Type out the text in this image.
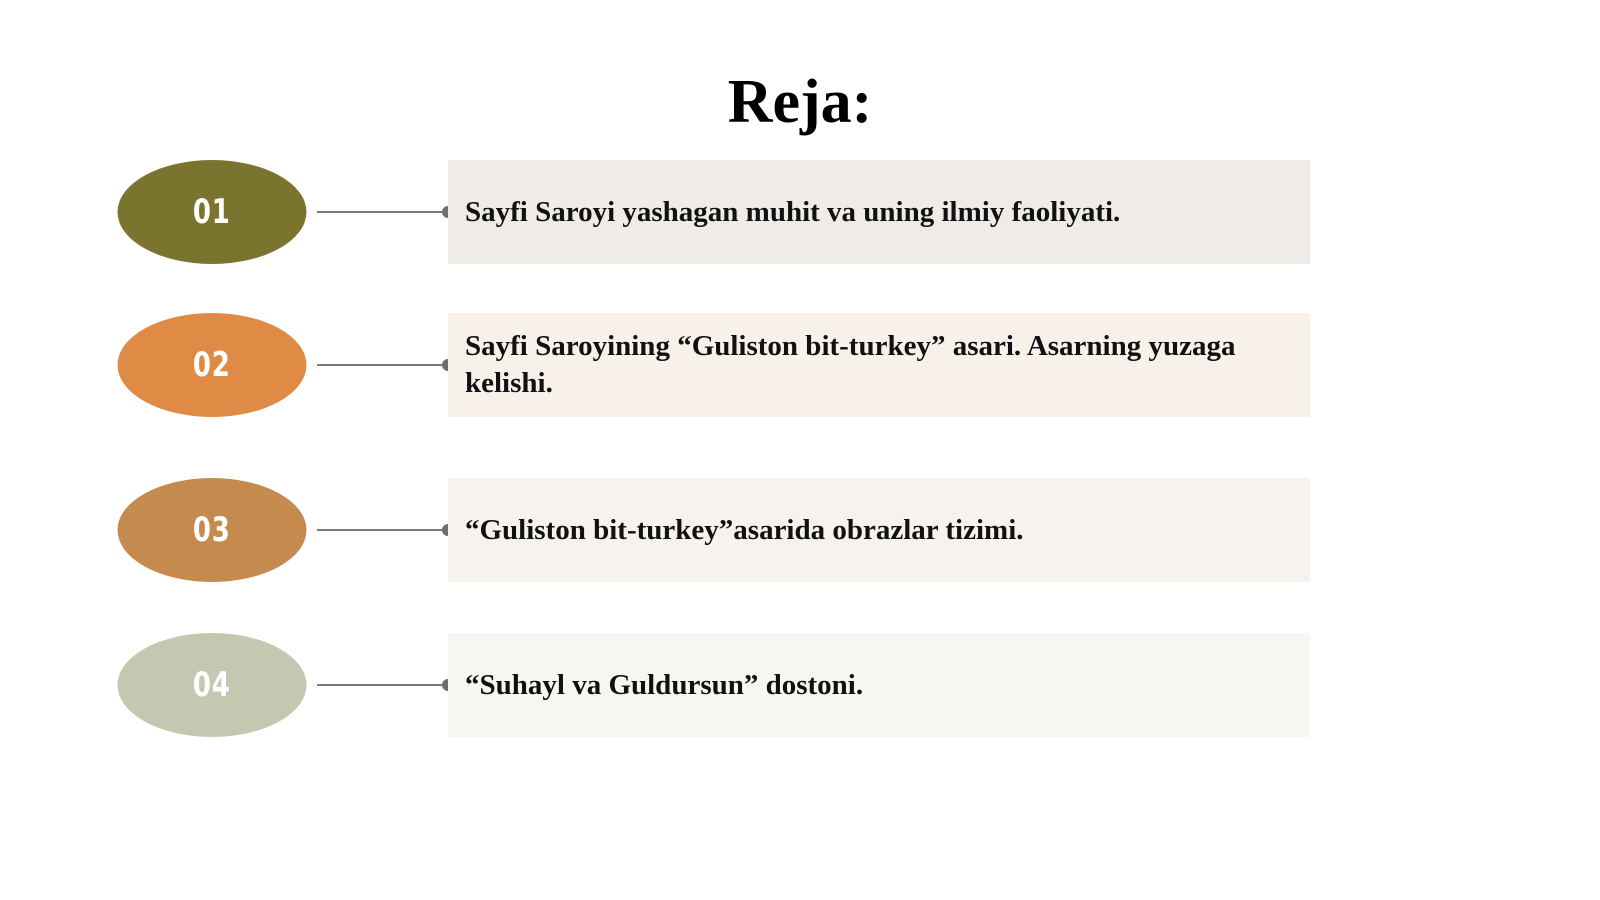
Reja:
01	Sayfi Saroyi yashagan muhit va uning ilmiy faoliyati.
02	Sayfi Saroyining “Guliston bit-turkey” asari. Asarning yuzaga kelishi.
03	“Guliston bit-turkey”asarida obrazlar tizimi.
04	“Suhayl va Guldursun” dostoni.
